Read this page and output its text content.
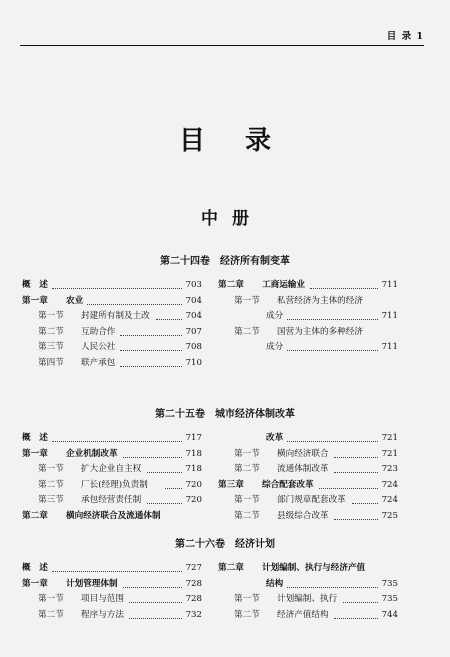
目 录 1
目录
中册
第二十四卷　经济所有制变革
概　述	703
第一章 农业	704
第一节 封建所有制及土改	704
第二节 互助合作	707
第三节 人民公社	708
第四节 联产承包	710
第二章 工商运输业	711
第一节 私营经济为主体的经济
成分	711
第二节 国营为主体的多种经济
成分	711
第二十五卷　城市经济体制改革
概　述	717
第一章 企业机制改革	718
第一节 扩大企业自主权	718
第二节 厂长(经理)负责制	720
第三节 承包经营责任制	720
第二章 横向经济联合及流通体制
改革	721
第一节 横向经济联合	721
第二节 流通体制改革	723
第三章 综合配套改革	724
第一节 部门规章配套改革	724
第二节 县级综合改革	725
第二十六卷　经济计划
概　述	727
第一章 计划管理体制	728
第一节 项目与范围	728
第二节 程序与方法	732
第二章 计划编制、执行与经济产值
结构	735
第一节 计划编制、执行	735
第二节 经济产值结构	744
